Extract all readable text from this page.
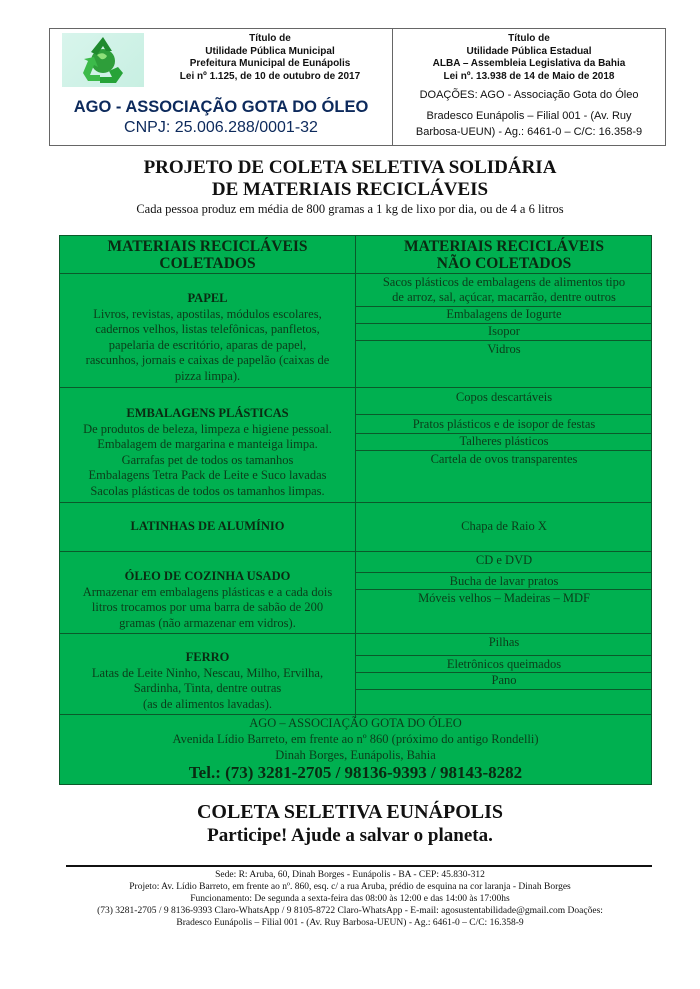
Título de
Utilidade Pública Municipal
Prefeitura Municipal de Eunápolis
Lei nº 1.125, de 10 de outubro de 2017
AGO - ASSOCIAÇÃO GOTA DO ÓLEO
CNPJ: 25.006.288/0001-32
Título de
Utilidade Pública Estadual
ALBA – Assembleia Legislativa da Bahia
Lei nº. 13.938 de 14 de Maio de 2018
DOAÇÕES: AGO - Associação Gota do Óleo
Bradesco Eunápolis – Filial 001 - (Av. Ruy
Barbosa-UEUN) - Ag.: 6461-0 – C/C: 16.358-9
PROJETO DE COLETA SELETIVA SOLIDÁRIA
DE MATERIAIS RECICLÁVEIS
Cada pessoa produz em média de 800 gramas a 1 kg de lixo por dia, ou de 4 a 6 litros
MATERIAIS RECICLÁVEIS
COLETADOS
MATERIAIS RECICLÁVEIS
NÃO COLETADOS
PAPEL
Livros, revistas, apostilas, módulos escolares,
cadernos velhos, listas telefônicas, panfletos,
papelaria de escritório, aparas de papel,
rascunhos, jornais e caixas de papelão (caixas de
pizza limpa).
EMBALAGENS PLÁSTICAS
De produtos de beleza, limpeza e higiene pessoal.
Embalagem de margarina e manteiga limpa.
Garrafas pet de todos os tamanhos
Embalagens Tetra Pack de Leite e Suco lavadas
Sacolas plásticas de todos os tamanhos limpas.
LATINHAS DE ALUMÍNIO
ÓLEO DE COZINHA USADO
Armazenar em embalagens plásticas e a cada dois
litros trocamos por uma barra de sabão de 200
gramas (não armazenar em vidros).
FERRO
Latas de Leite Ninho, Nescau, Milho, Ervilha,
Sardinha, Tinta, dentre outras
(as de alimentos lavadas).
Sacos plásticos de embalagens de alimentos tipo
de arroz, sal, açúcar, macarrão, dentre outros
Embalagens de Iogurte
Isopor
Vidros
Copos descartáveis
Pratos plásticos e de isopor de festas
Talheres plásticos
Cartela de ovos transparentes
Chapa de Raio X
CD e DVD
Bucha de lavar pratos
Móveis velhos – Madeiras – MDF
Pilhas
Eletrônicos queimados
Pano
AGO – ASSOCIAÇÃO GOTA DO ÓLEO
Avenida Lídio Barreto, em frente ao nº 860 (próximo do antigo Rondelli)
Dinah Borges, Eunápolis, Bahia
Tel.: (73) 3281-2705 / 98136-9393 / 98143-8282
COLETA SELETIVA EUNÁPOLIS
Participe! Ajude a salvar o planeta.
Sede: R: Aruba, 60, Dinah Borges - Eunápolis - BA - CEP: 45.830-312
Projeto: Av. Lídio Barreto, em frente ao nº. 860, esq. c/ a rua Aruba, prédio de esquina na cor laranja - Dinah Borges
Funcionamento: De segunda a sexta-feira das 08:00 às 12:00 e das 14:00 às 17:00hs
(73) 3281-2705 / 9 8136-9393 Claro-WhatsApp / 9 8105-8722 Claro-WhatsApp - E-mail: agosustentabilidade@gmail.com Doações:
Bradesco Eunápolis – Filial 001 - (Av. Ruy Barbosa-UEUN) - Ag.: 6461-0 – C/C: 16.358-9
